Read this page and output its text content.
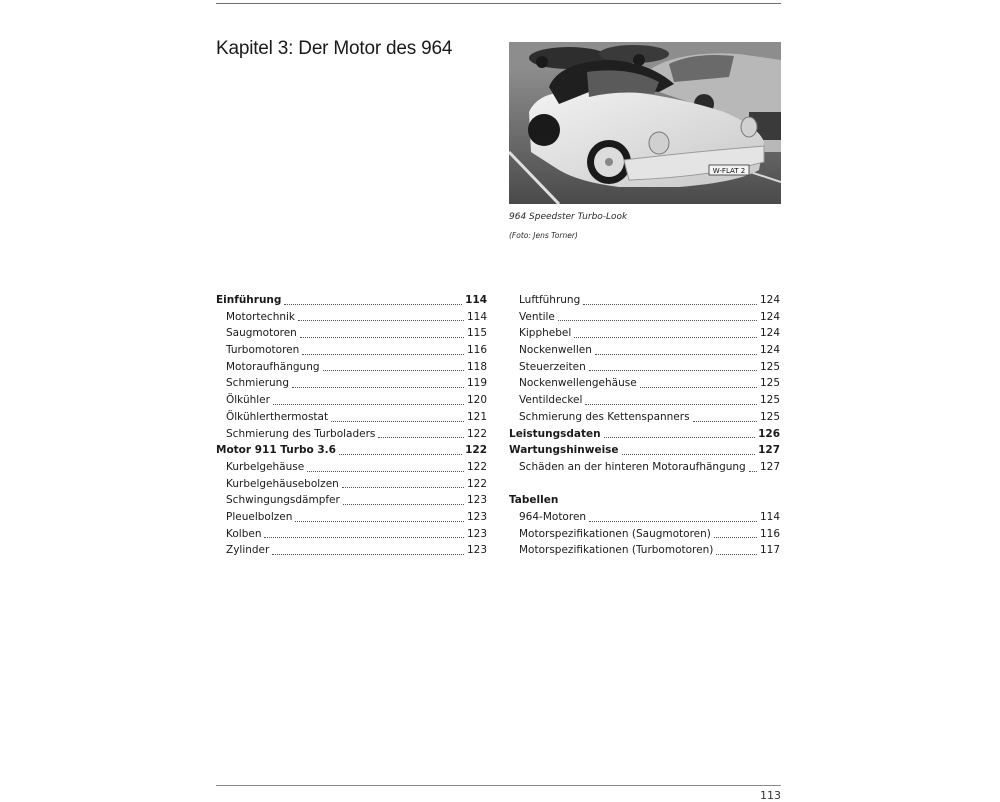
Kapitel 3: Der Motor des 964
W-FLAT 2
964 Speedster Turbo-Look
(Foto: Jens Torner)
Einführung	114
Motortechnik	114
Saugmotoren	115
Turbomotoren	116
Motoraufhängung	118
Schmierung	119
Ölkühler	120
Ölkühlerthermostat	121
Schmierung des Turboladers	122
Motor 911 Turbo 3.6	122
Kurbelgehäuse	122
Kurbelgehäusebolzen	122
Schwingungsdämpfer	123
Pleuelbolzen	123
Kolben	123
Zylinder	123
Luftführung	124
Ventile	124
Kipphebel	124
Nockenwellen	124
Steuerzeiten	125
Nockenwellengehäuse	125
Ventildeckel	125
Schmierung des Kettenspanners	125
Leistungsdaten	126
Wartungshinweise	127
Schäden an der hinteren Motoraufhängung 127
Tabellen
964-Motoren	114
Motorspezifikationen (Saugmotoren)	116
Motorspezifikationen (Turbomotoren)	117
113
